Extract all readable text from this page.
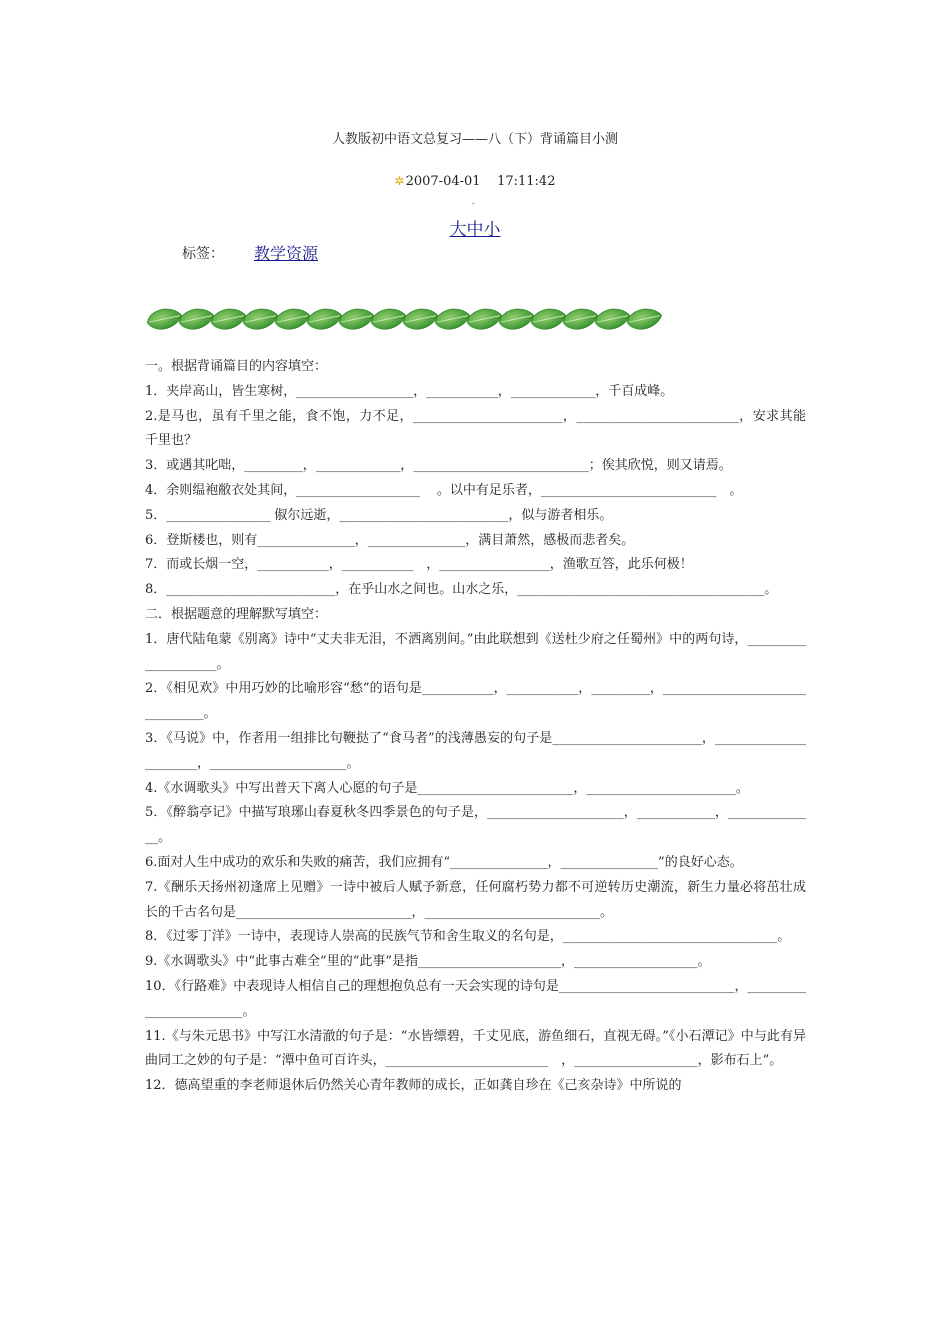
人教版初中语文总复习——八（下）背诵篇目小测
✲2007-04-01    17:11:42
-
大中小
标签： 教学资源

一。根据背诵篇目的内容填空：

1．夹岸高山，皆生寒树，__________________，___________，_____________，千百成峰。

2.是马也，虽有千里之能，食不饱，力不足，_______________________，_________________________，安求其能千里也？

3．或遇其叱咄，_________，_____________，___________________________；俟其欣悦，则又请焉。

4．余则缊袍敝衣处其间，___________________　 。以中有足乐者，___________________________　。

5．________________ 俶尔远逝，__________________________，似与游者相乐。

6．登斯楼也，则有_______________，_______________，满目萧然，感极而悲者矣。

7．而或长烟一空，___________，___________　，_________________，渔歌互答，此乐何极！

8．__________________________，在乎山水之间也。山水之乐，______________________________________。

二．根据题意的理解默写填空：

1．唐代陆龟蒙《别离》诗中“丈夫非无泪，不洒离别间。”由此联想到《送杜少府之任蜀州》中的两句诗，____________________。

2．《相见欢》中用巧妙的比喻形容“愁”的语句是___________，___________，_________，_______________________________。

3．《马说》中，作者用一组排比句鞭挞了“食马者”的浅薄愚妄的句子是_______________________，______________________，_____________________。

4.《水调歌头》中写出普天下离人心愿的句子是________________________，_______________________。

5．《醉翁亭记》中描写琅琊山春夏秋冬四季景色的句子是，_____________________，____________，______________。

6.面对人生中成功的欢乐和失败的痛苦，我们应拥有“_______________，_______________”的良好心态。

7.《酬乐天扬州初逢席上见赠》一诗中被后人赋予新意，任何腐朽势力都不可逆转历史潮流，新生力量必将茁壮成长的千古名句是___________________________，___________________________。

8．《过零丁洋》一诗中，表现诗人崇高的民族气节和舍生取义的名句是，_________________________________。

9.《水调歌头》中“此事古难全”里的“此事”是指______________________，___________________。

10．《行路难》中表现诗人相信自己的理想抱负总有一天会实现的诗句是___________________________，________________________。

11.《与朱元思书》中写江水清澈的句子是：“水皆缥碧，千丈见底，游鱼细石，直视无碍。”《小石潭记》中与此有异曲同工之妙的句子是：“潭中鱼可百许头，_________________________　，___________________，影布石上”。

12．德高望重的李老师退休后仍然关心青年教师的成长，正如龚自珍在《己亥杂诗》中所说的
